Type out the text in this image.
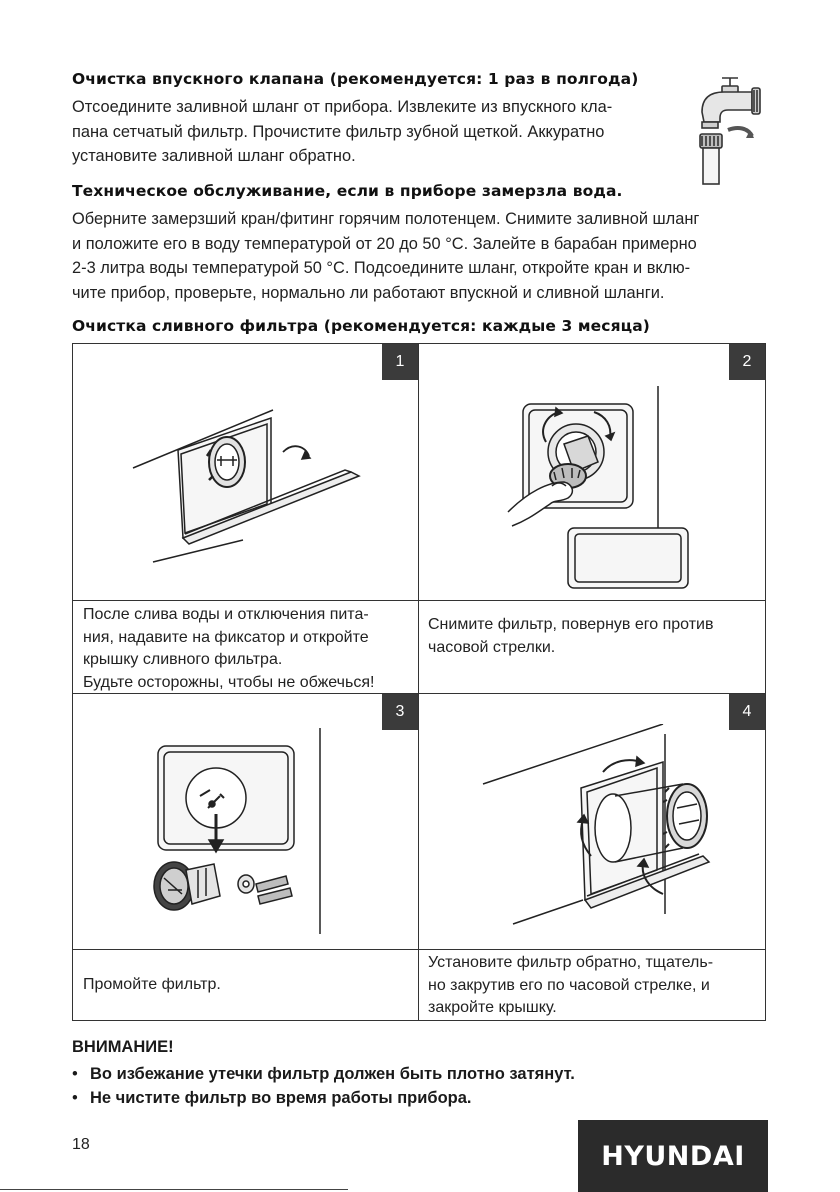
Очистка впускного клапана (рекомендуется: 1 раз в полгода)
Отсоедините заливной шланг от прибора. Извлеките из впускного кла-
пана сетчатый фильтр. Прочистите фильтр зубной щеткой. Аккуратно
установите заливной шланг обратно.
Техническое обслуживание, если в приборе замерзла вода.
Оберните замерзший кран/фитинг горячим полотенцем. Снимите заливной шланг
и положите его в воду температурой от 20 до 50 °C. Залейте в барабан примерно
2-3 литра воды температурой 50 °C. Подсоедините шланг, откройте кран и вклю-
чите прибор, проверьте, нормально ли работают впускной и сливной шланги.
Очистка сливного фильтра (рекомендуется: каждые 3 месяца)
1	2
3	4
После слива воды и отключения пита-
ния, надавите на фиксатор и откройте
крышку сливного фильтра.
Будьте осторожны, чтобы не обжечься!
Снимите фильтр, повернув его против
часовой стрелки.
Промойте фильтр.
Установите фильтр обратно, тщатель-
но закрутив его по часовой стрелке, и
закройте крышку.
ВНИМАНИЕ!
• Во избежание утечки фильтр должен быть плотно затянут.
• Не чистите фильтр во время работы прибора.
18	HYUNDAI
